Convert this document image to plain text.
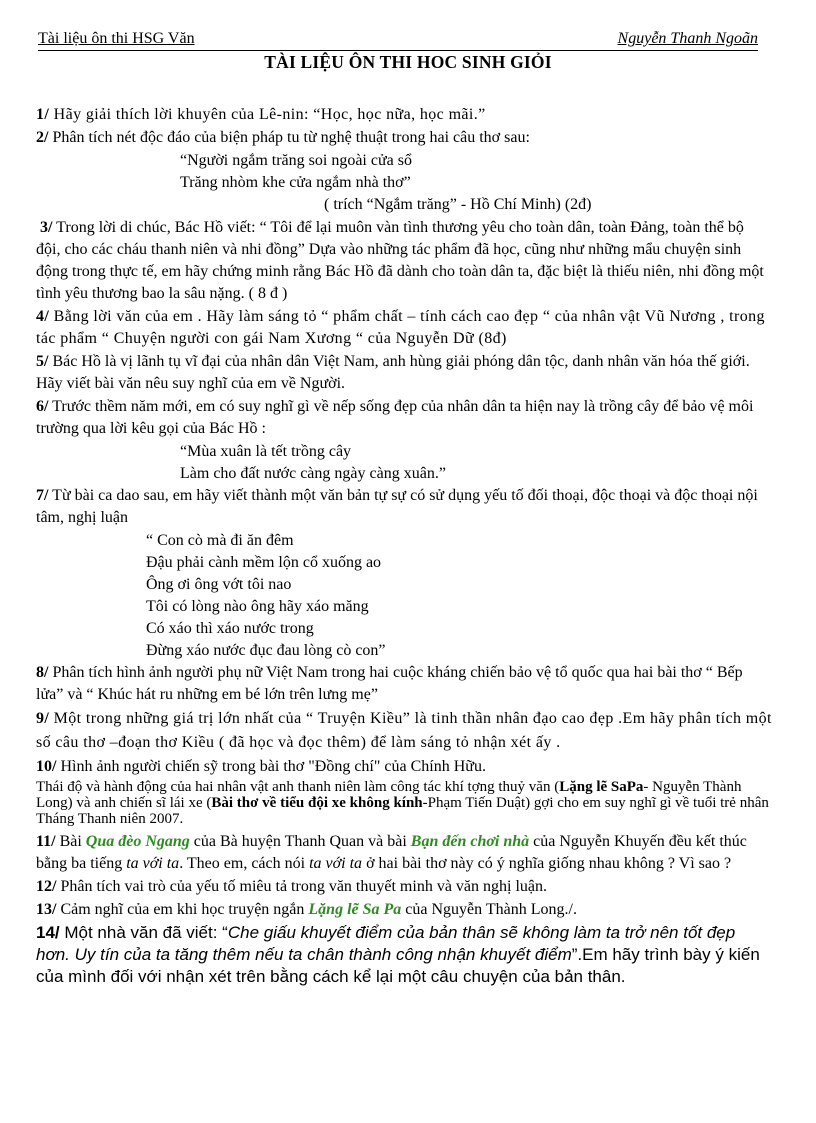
Tài liệu ôn thi HSG Văn	Nguyễn Thanh Ngoãn
TÀI LIỆU ÔN THI HOC SINH GIỎI

1/ Hãy giải thích lời khuyên của Lê-nin: “Học, học nữa, học mãi.”

2/ Phân tích nét độc đáo của biện pháp tu từ nghệ thuật trong hai câu thơ sau:

“Người ngắm trăng soi ngoài cửa sổ

Trăng nhòm khe cửa ngắm nhà thơ”

( trích “Ngắm trăng” - Hồ Chí Minh) (2đ)

3/ Trong lời di chúc, Bác Hồ viết: “ Tôi để lại muôn vàn tình thương yêu cho toàn dân, toàn Đảng, toàn thể bộ đội, cho các cháu thanh niên và nhi đồng” Dựa vào những tác phẩm đã học, cũng như những mẩu chuyện sinh động trong thực tế, em hãy chứng minh rằng Bác Hồ đã dành cho toàn dân ta, đặc biệt là thiếu niên, nhi đồng một tình yêu thương bao la sâu nặng. ( 8 đ )

4/ Bằng lời văn của em . Hãy làm sáng tỏ “ phẩm chất – tính cách cao đẹp “ của nhân vật Vũ Nương , trong tác phẩm “ Chuyện người con gái Nam Xương “ của Nguyễn Dữ (8đ)

5/ Bác Hồ là vị lãnh tụ vĩ đại của nhân dân Việt Nam, anh hùng giải phóng dân tộc, danh nhân văn hóa thế giới. Hãy viết bài văn nêu suy nghĩ của em về Người.

6/ Trước thềm năm mới, em có suy nghĩ gì về nếp sống đẹp của nhân dân ta hiện nay là trồng cây để bảo vệ môi trường qua lời kêu gọi của Bác Hồ :

“Mùa xuân là tết trồng cây

Làm cho đất nước càng ngày càng xuân.”

7/ Từ bài ca dao sau, em hãy viết thành một văn bản tự sự có sử dụng yếu tố đối thoại, độc thoại và độc thoại nội tâm, nghị luận

“ Con cò mà đi ăn đêm

Đậu phải cành mềm lộn cổ xuống ao

Ông ơi ông vớt tôi nao

Tôi có lòng nào ông hãy xáo măng

Có xáo thì xáo nước trong

Đừng xáo nước đục đau lòng cò con”

8/ Phân tích hình ảnh người phụ nữ Việt Nam trong hai cuộc kháng chiến bảo vệ tổ quốc qua hai bài thơ “ Bếp lửa” và “ Khúc hát ru những em bé lớn trên lưng mẹ”

9/ Một trong những giá trị lớn nhất của “ Truyện Kiều” là tinh thần nhân đạo cao đẹp .Em hãy phân tích một số câu thơ –đoạn thơ Kiều ( đã học và đọc thêm) để làm sáng tỏ nhận xét ấy .

10/ Hình ảnh người chiến sỹ trong bài thơ "Đồng chí" của Chính Hữu.

Thái độ và hành động của hai nhân vật anh thanh niên làm công tác khí tợng thuỷ văn (Lặng lẽ SaPa- Nguyễn Thành Long) và anh chiến sĩ lái xe (Bài thơ về tiểu đội xe không kính-Phạm Tiến Duật) gợi cho em suy nghĩ gì về tuổi trẻ nhân Tháng Thanh niên 2007.

11/ Bài Qua đèo Ngang của Bà huyện Thanh Quan và bài Bạn đến chơi nhà của Nguyễn Khuyến đều kết thúc bằng ba tiếng ta với ta. Theo em, cách nói ta với ta ở hai bài thơ này có ý nghĩa giống nhau không ? Vì sao ?

12/ Phân tích vai trò của yếu tố miêu tả trong văn thuyết minh và văn nghị luận.

13/ Cảm nghĩ của em khi học truyện ngắn Lặng lẽ Sa Pa của Nguyễn Thành Long./.

14/ Một nhà văn đã viết: “Che giấu khuyết điểm của bản thân sẽ không làm ta trở nên tốt đẹp hơn. Uy tín của ta tăng thêm nếu ta chân thành công nhận khuyết điểm”.Em hãy trình bày ý kiến của mình đối với nhận xét trên bằng cách kể lại một câu chuyện của bản thân.
